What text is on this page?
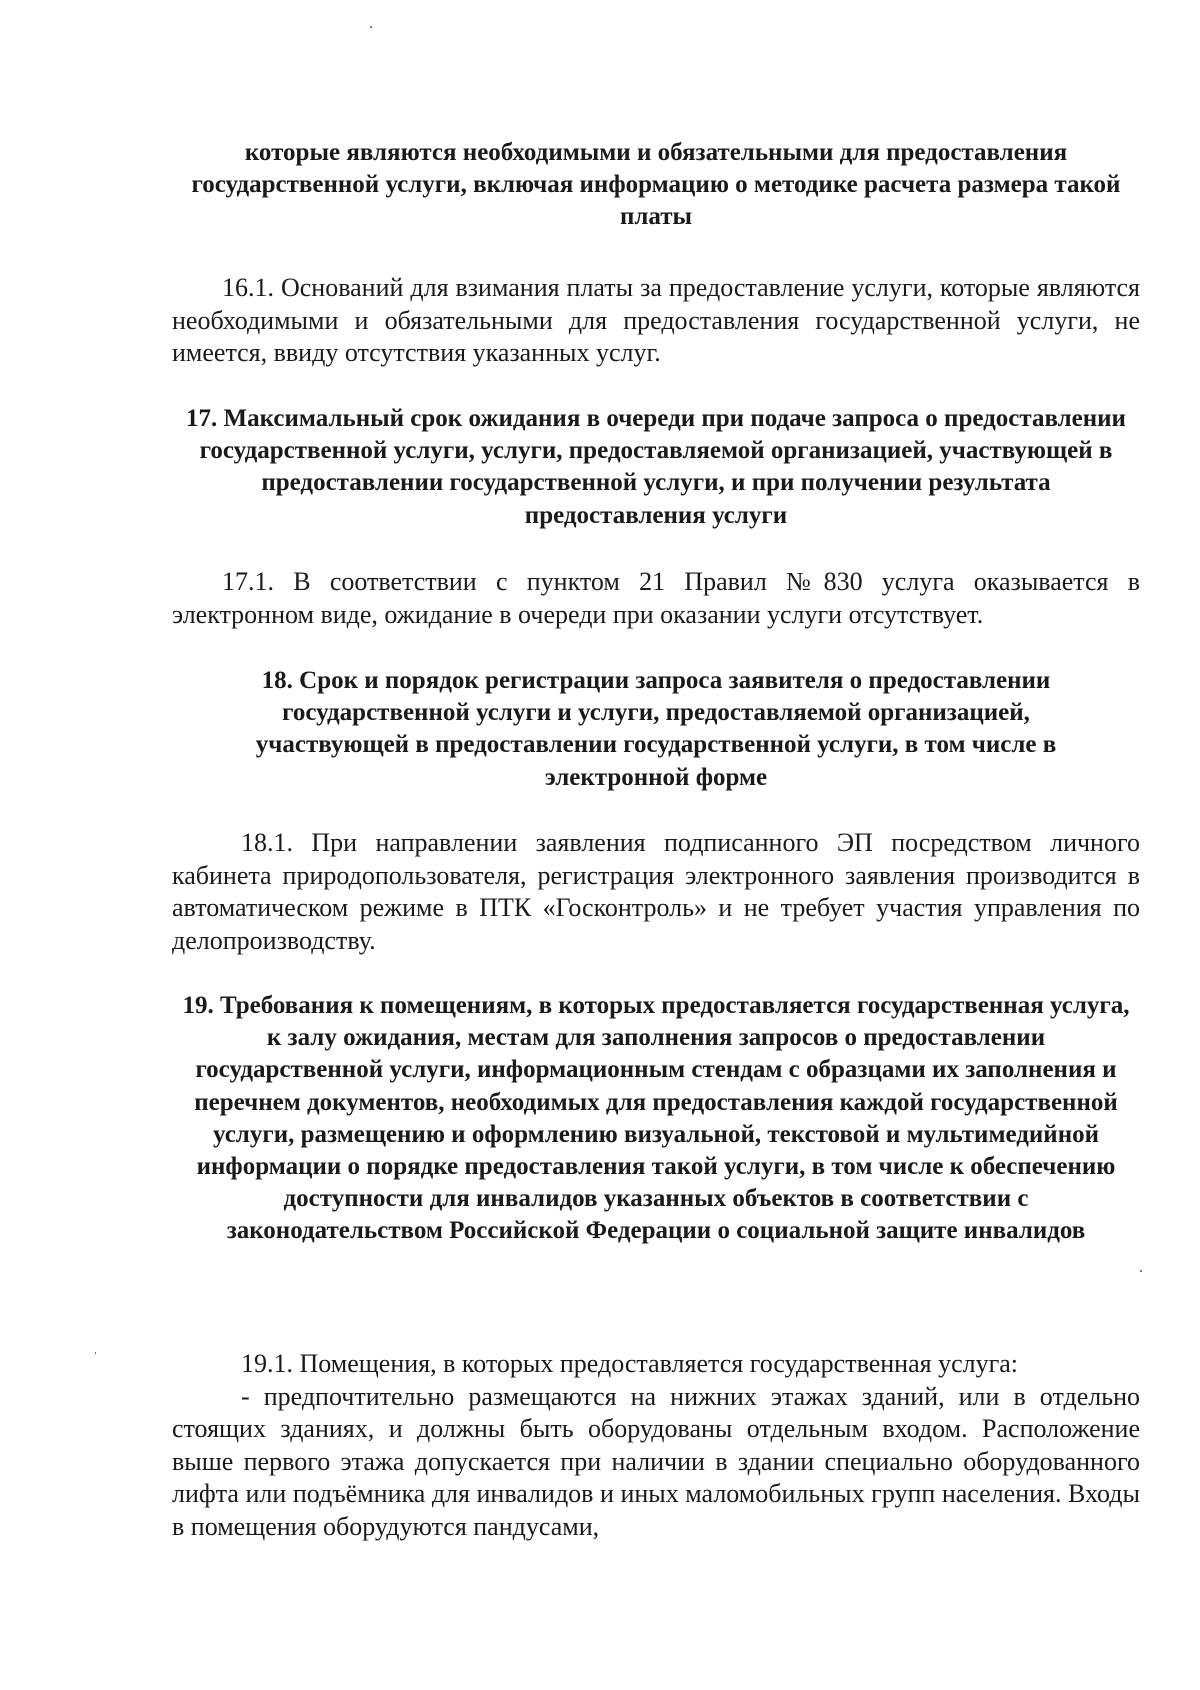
которые являются необходимыми и обязательными для предоставления государственной услуги, включая информацию о методике расчета размера такой платы

16.1. Оснований для взимания платы за предоставление услуги, которые являются необходимыми и обязательными для предоставления государственной услуги, не имеется, ввиду отсутствия указанных услуг.

17. Максимальный срок ожидания в очереди при подаче запроса о предоставлении государственной услуги, услуги, предоставляемой организацией, участвующей в предоставлении государственной услуги, и при получении результата предоставления услуги

17.1. В соответствии с пунктом 21 Правил №830 услуга оказывается в электронном виде, ожидание в очереди при оказании услуги отсутствует.

18. Срок и порядок регистрации запроса заявителя о предоставлении государственной услуги и услуги, предоставляемой организацией, участвующей в предоставлении государственной услуги, в том числе в электронной форме

18.1. При направлении заявления подписанного ЭП посредством личного кабинета природопользователя, регистрация электронного заявления производится в автоматическом режиме в ПТК «Госконтроль» и не требует участия управления по делопроизводству.

19. Требования к помещениям, в которых предоставляется государственная услуга, к залу ожидания, местам для заполнения запросов о предоставлении государственной услуги, информационным стендам с образцами их заполнения и перечнем документов, необходимых для предоставления каждой государственной услуги, размещению и оформлению визуальной, текстовой и мультимедийной информации о порядке предоставления такой услуги, в том числе к обеспечению доступности для инвалидов указанных объектов в соответствии с законодательством Российской Федерации о социальной защите инвалидов

19.1. Помещения, в которых предоставляется государственная услуга:

- предпочтительно размещаются на нижних этажах зданий, или в отдельно стоящих зданиях, и должны быть оборудованы отдельным входом. Расположение выше первого этажа допускается при наличии в здании специально оборудованного лифта или подъёмника для инвалидов и иных маломобильных групп населения. Входы в помещения оборудуются пандусами,
